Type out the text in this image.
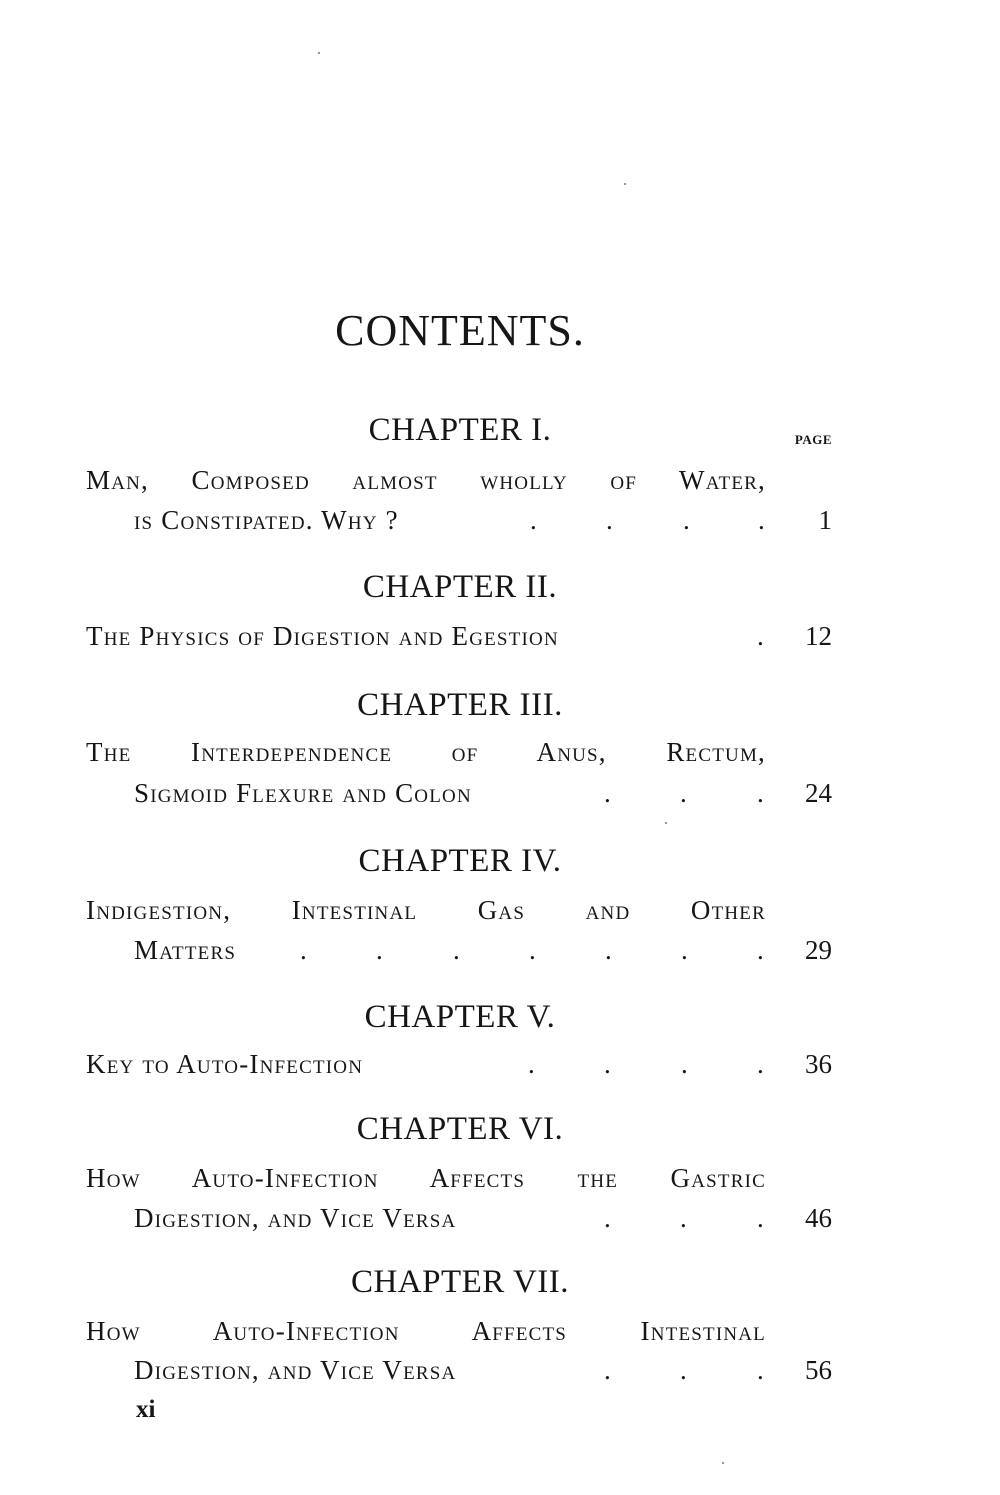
CONTENTS.
PAGE
CHAPTER I.
Man, Composed almost wholly of Water,
is Constipated. Why ?	.	.	.	.	1
CHAPTER II.
The Physics of Digestion and Egestion	.	12
CHAPTER III.
The Interdependence of Anus, Rectum,
Sigmoid Flexure and Colon	.	.	.	24
CHAPTER IV.
Indigestion, Intestinal Gas and Other
Matters	.	.	.	.	.	.	.	29
CHAPTER V.
Key to Auto-Infection	.	.	.	.	36
CHAPTER VI.
How Auto-Infection Affects the Gastric
Digestion, and Vice Versa	.	.	.	46
CHAPTER VII.
How Auto-Infection Affects Intestinal
Digestion, and Vice Versa	.	.	.	56
xi
